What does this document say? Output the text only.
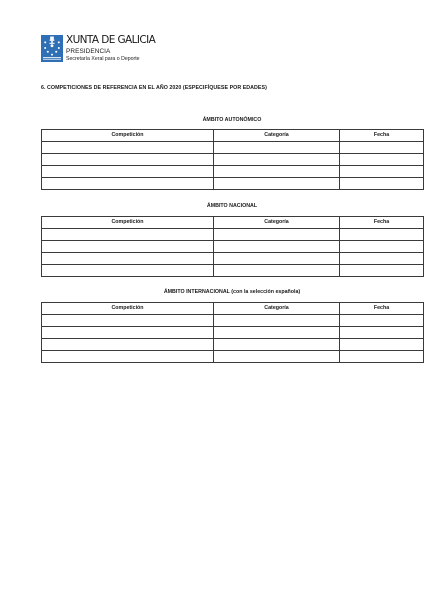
XUNTA DE GALICIA
PRESIDENCIA
Secretaría Xeral para o Deporte
6. COMPETICIONES DE REFERENCIA EN EL AÑO 2020 (ESPECIFÍQUESE POR EDADES)
ÁMBITO AUTONÓMICO
Competición	Categoría	Fecha

ÁMBITO NACIONAL
Competición	Categoría	Fecha

ÁMBITO INTERNACIONAL (con la selección española)
Competición	Categoría	Fecha
